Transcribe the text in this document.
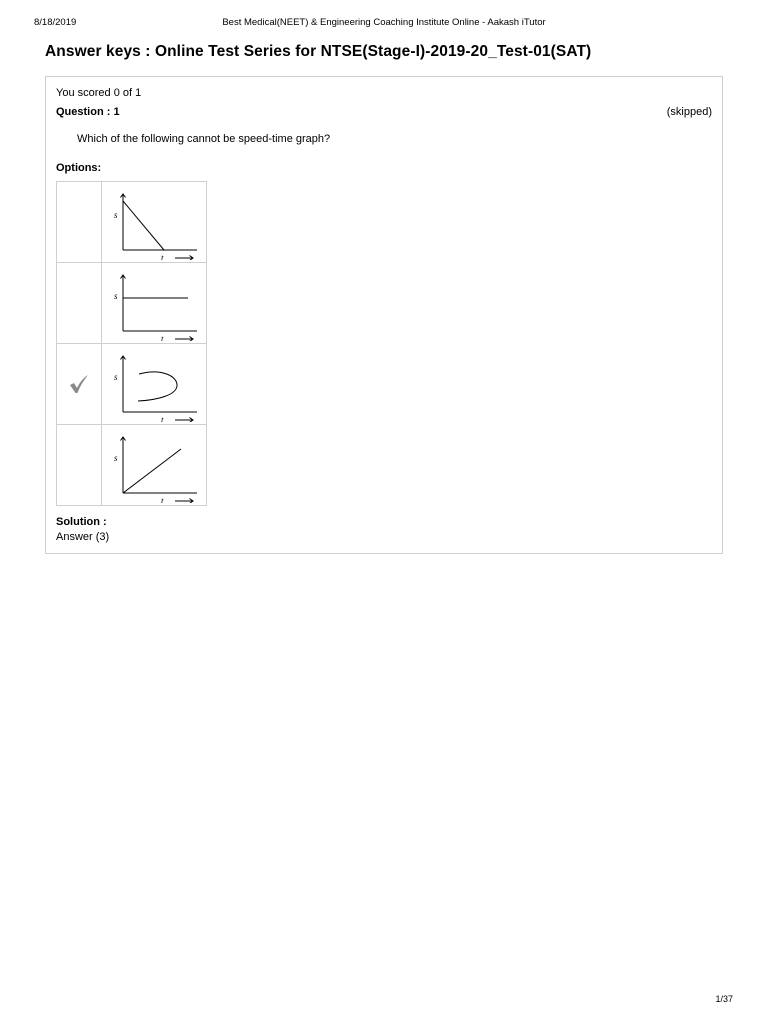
8/18/2019	Best Medical(NEET) & Engineering Coaching Institute Online - Aakash iTutor
Answer keys : Online Test Series for NTSE(Stage-I)-2019-20_Test-01(SAT)
You scored 0 of 1
Question : 1	(skipped)
Which of the following cannot be speed-time graph?
Options:
s
t
s
t
s
t
s
t
Solution :
Answer (3)
1/37
